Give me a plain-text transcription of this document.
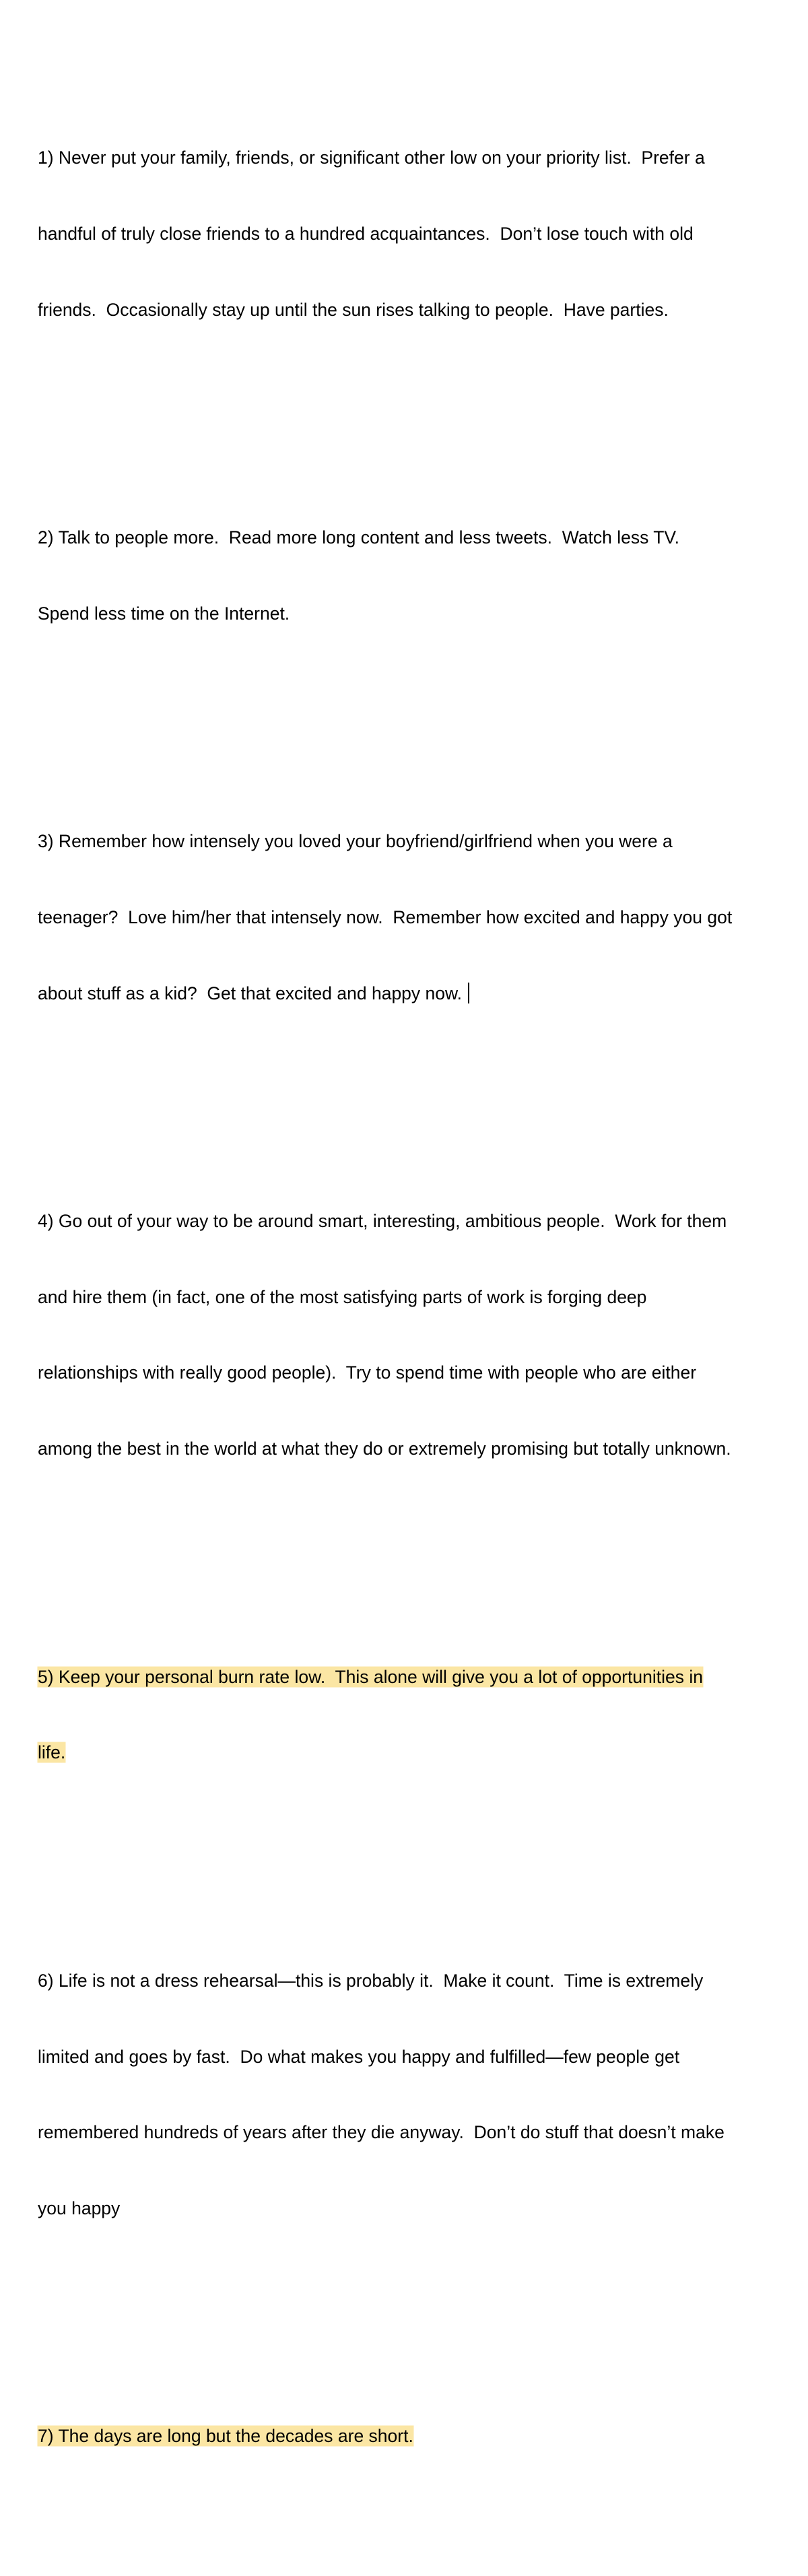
1) Never put your family, friends, or significant other low on your priority list.  Prefer a

handful of truly close friends to a hundred acquaintances.  Don’t lose touch with old

friends.  Occasionally stay up until the sun rises talking to people.  Have parties.

2) Talk to people more.  Read more long content and less tweets.  Watch less TV.

Spend less time on the Internet.

3) Remember how intensely you loved your boyfriend/girlfriend when you were a

teenager?  Love him/her that intensely now.  Remember how excited and happy you got

about stuff as a kid?  Get that excited and happy now.

4) Go out of your way to be around smart, interesting, ambitious people.  Work for them

and hire them (in fact, one of the most satisfying parts of work is forging deep

relationships with really good people).  Try to spend time with people who are either

among the best in the world at what they do or extremely promising but totally unknown.

5) Keep your personal burn rate low.  This alone will give you a lot of opportunities in

life.

6) Life is not a dress rehearsal—this is probably it.  Make it count.  Time is extremely

limited and goes by fast.  Do what makes you happy and fulfilled—few people get

remembered hundreds of years after they die anyway.  Don’t do stuff that doesn’t make

you happy

7) The days are long but the decades are short.
